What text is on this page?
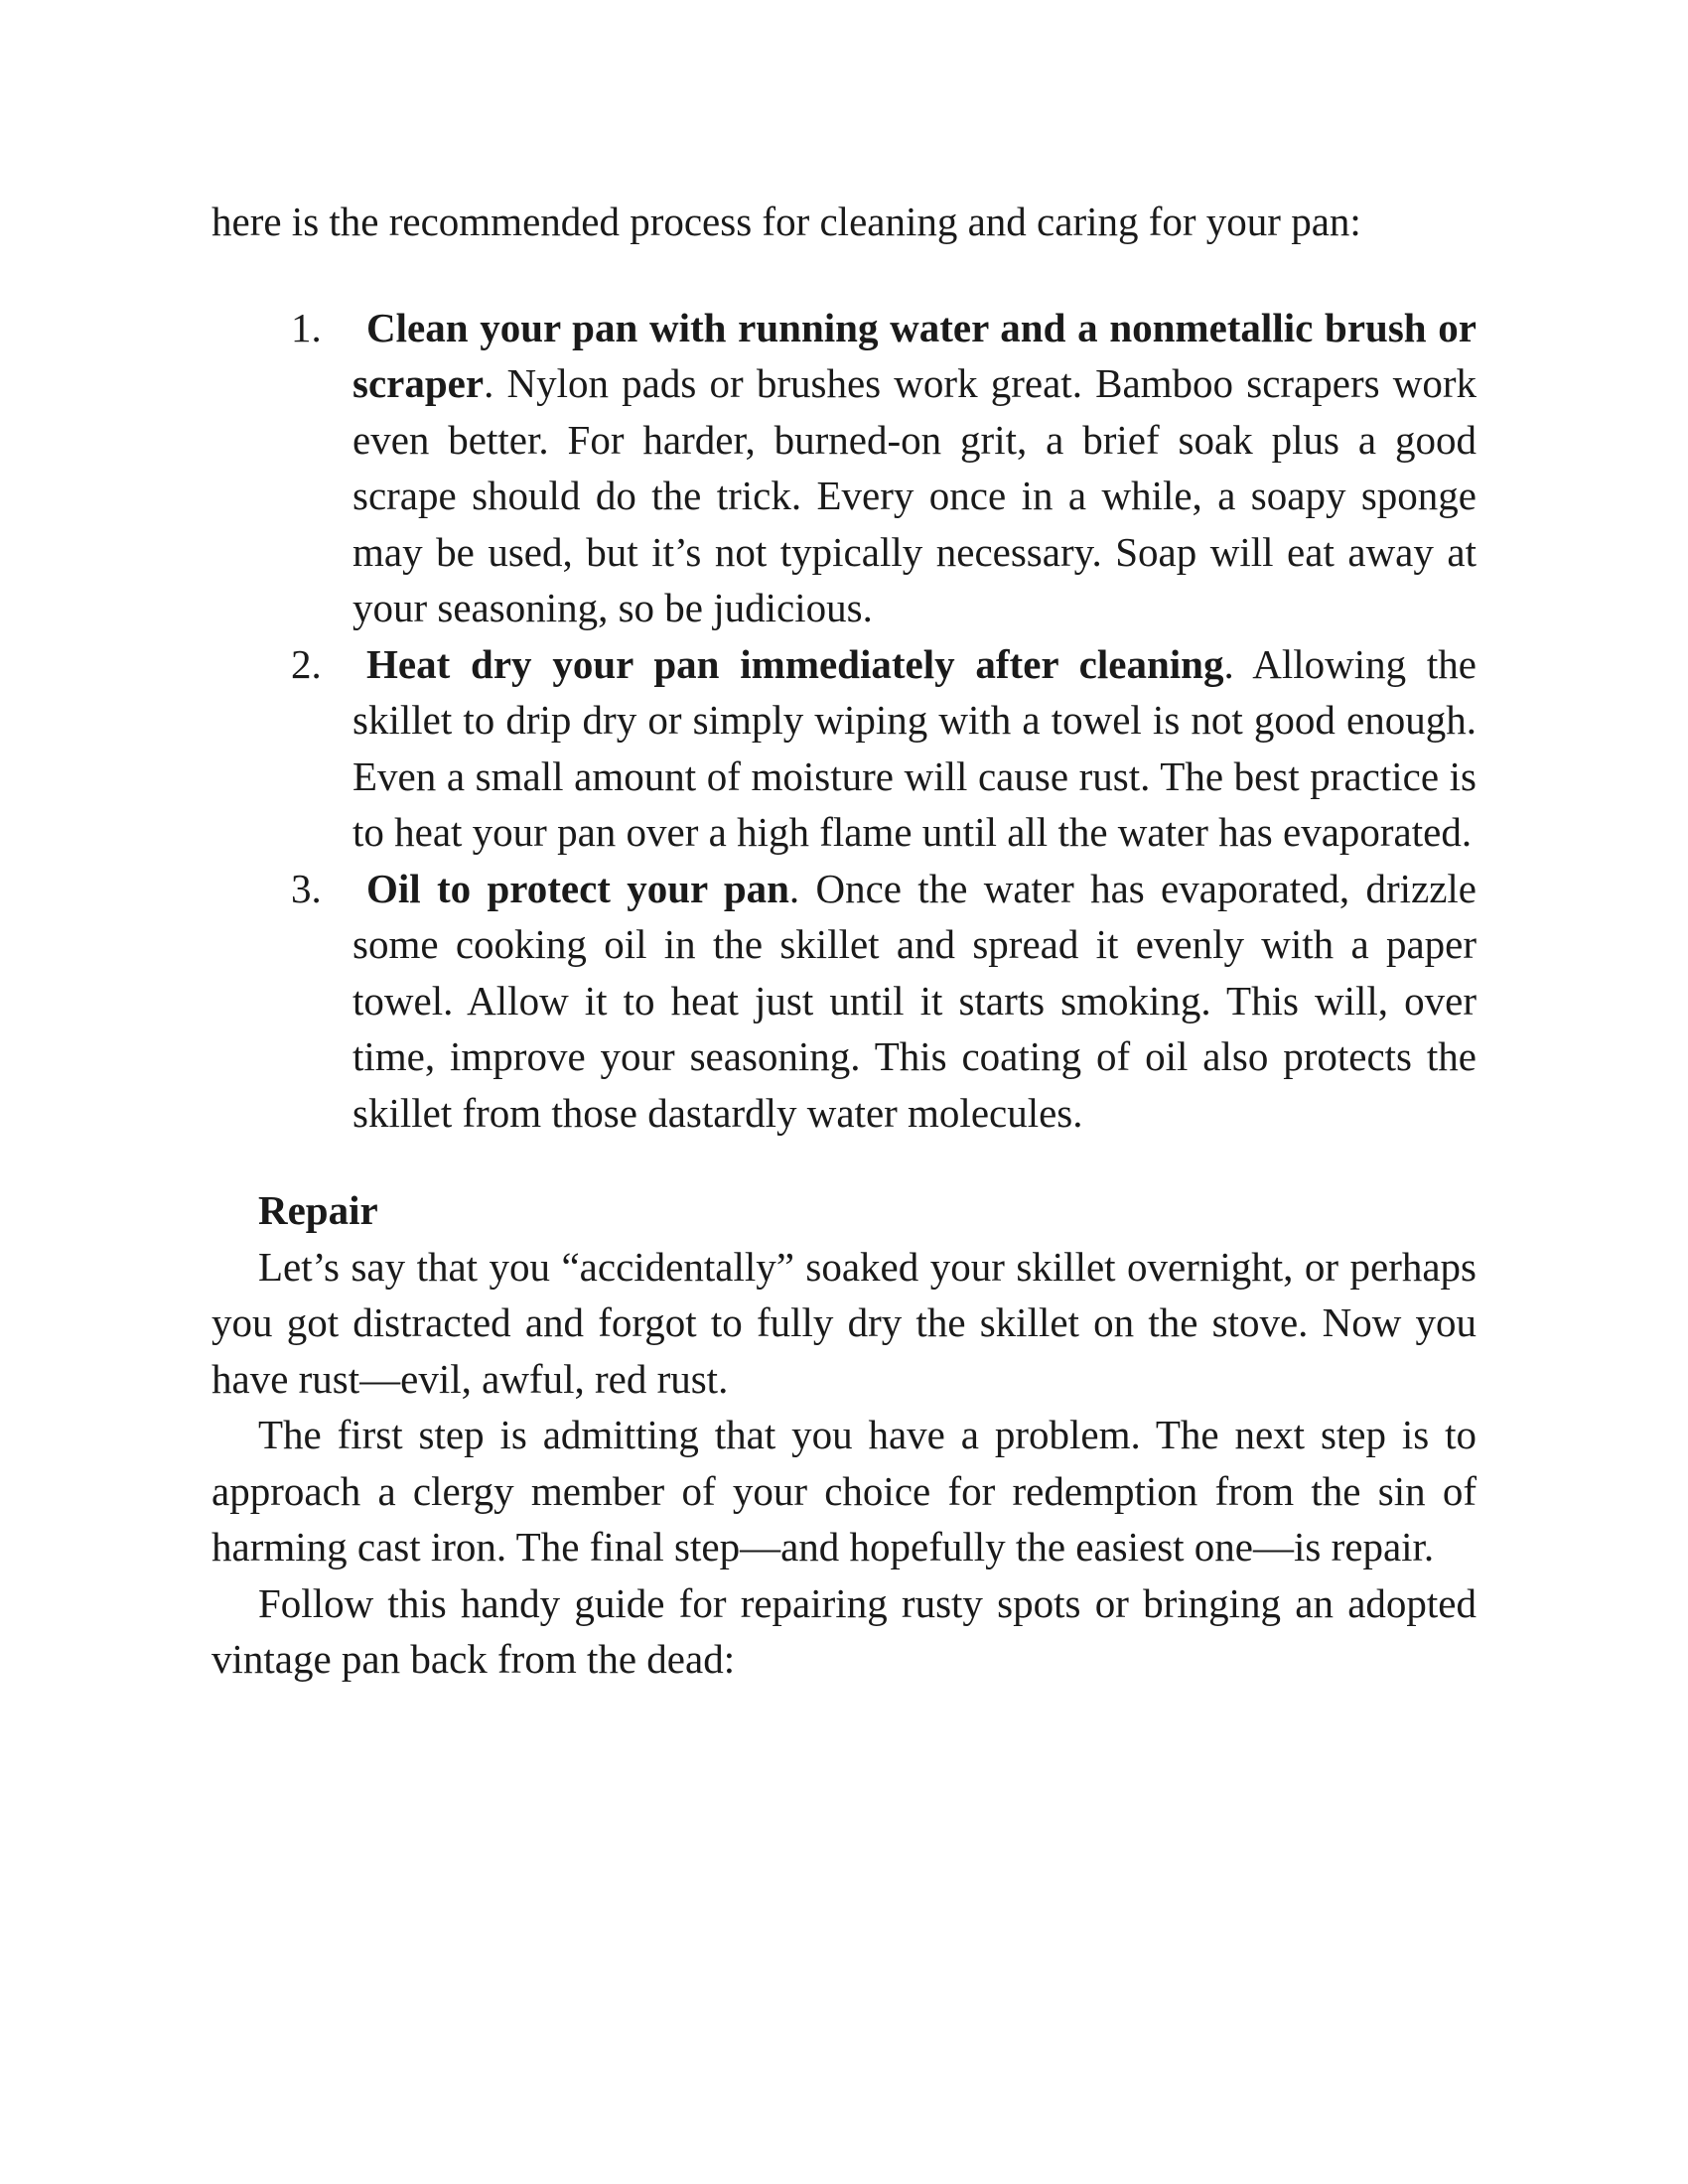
here is the recommended process for cleaning and caring for your pan:

1. Clean your pan with running water and a nonmetallic brush or scraper. Nylon pads or brushes work great. Bamboo scrapers work even better. For harder, burned-on grit, a brief soak plus a good scrape should do the trick. Every once in a while, a soapy sponge may be used, but it’s not typically necessary. Soap will eat away at your seasoning, so be judicious.
2. Heat dry your pan immediately after cleaning. Allowing the skillet to drip dry or simply wiping with a towel is not good enough. Even a small amount of moisture will cause rust. The best practice is to heat your pan over a high flame until all the water has evaporated.
3. Oil to protect your pan. Once the water has evaporated, drizzle some cooking oil in the skillet and spread it evenly with a paper towel. Allow it to heat just until it starts smoking. This will, over time, improve your seasoning. This coating of oil also protects the skillet from those dastardly water molecules.

Repair

Let’s say that you “accidentally” soaked your skillet overnight, or perhaps you got distracted and forgot to fully dry the skillet on the stove. Now you have rust—evil, awful, red rust.

The first step is admitting that you have a problem. The next step is to approach a clergy member of your choice for redemption from the sin of harming cast iron. The final step—and hopefully the easiest one—is repair.

Follow this handy guide for repairing rusty spots or bringing an adopted vintage pan back from the dead:
